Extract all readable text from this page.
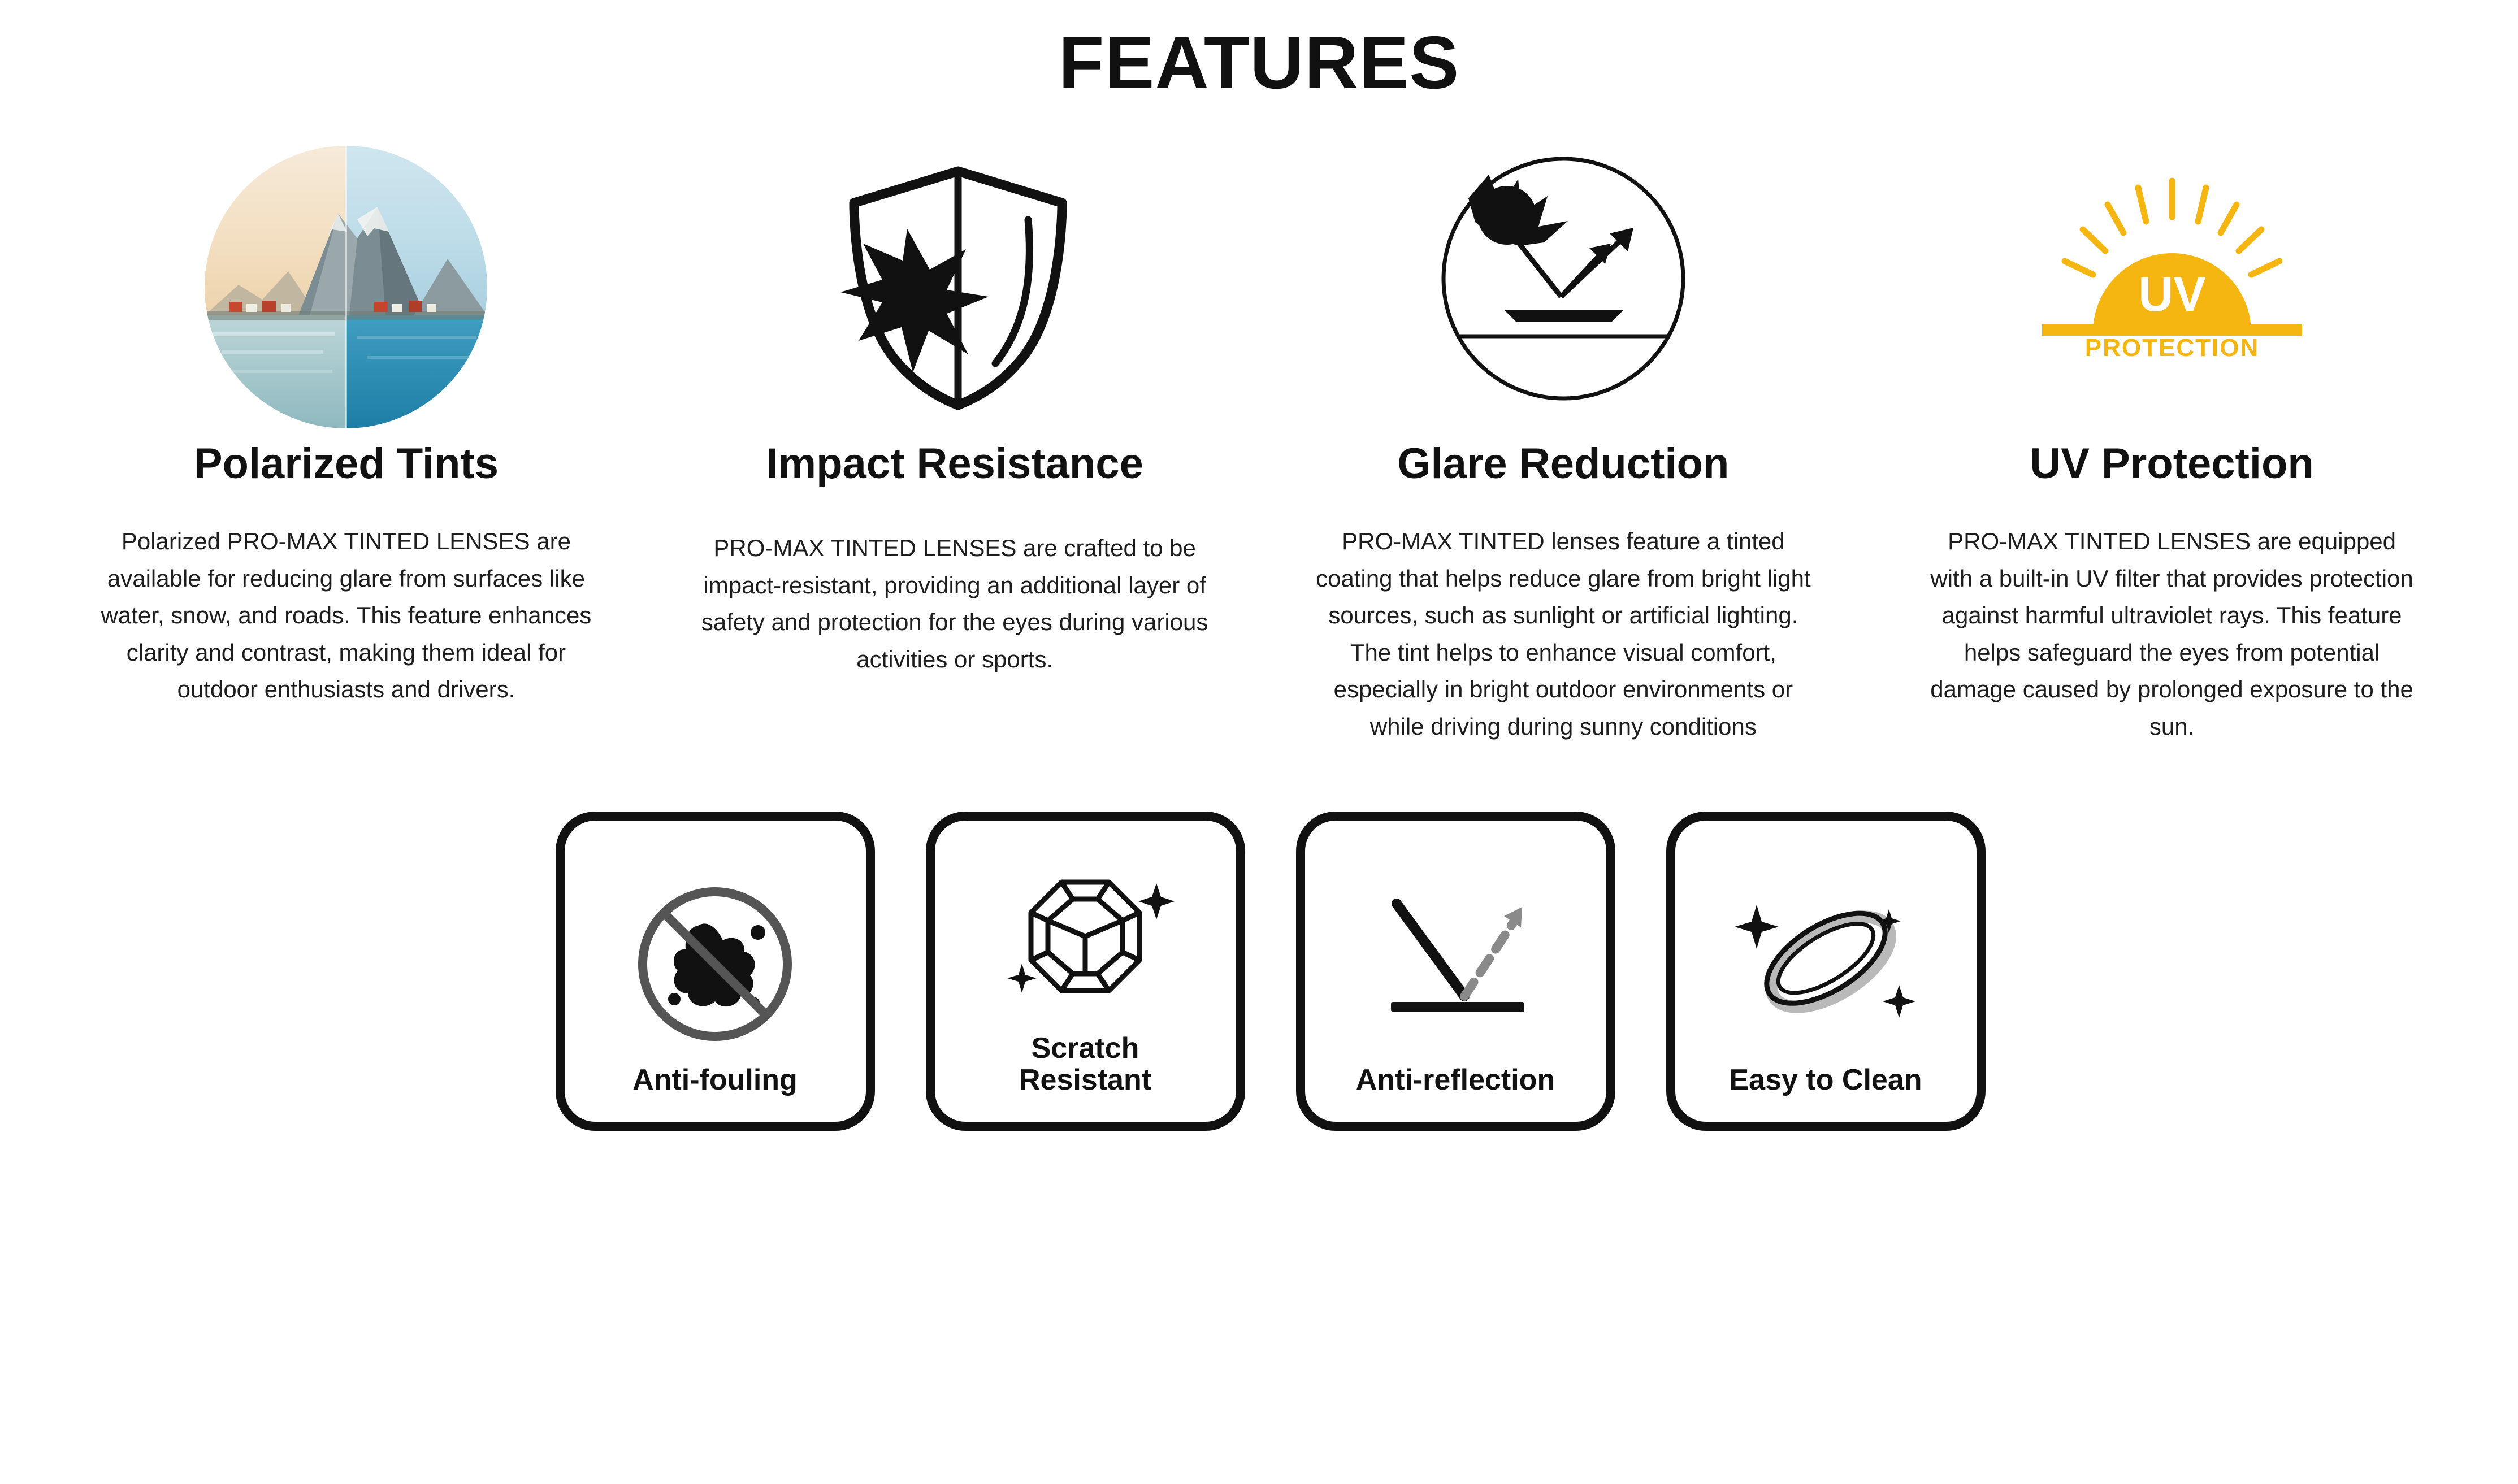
FEATURES
Polarized Tints

Polarized PRO-MAX TINTED LENSES are available for reducing glare from surfaces like water, snow, and roads. This feature enhances clarity and contrast, making them ideal for outdoor enthusiasts and drivers.

Impact Resistance

PRO-MAX TINTED LENSES are crafted to be impact-resistant, providing an additional layer of safety and protection for the eyes during various activities or sports.

Glare Reduction

PRO-MAX TINTED lenses feature a tinted coating that helps reduce glare from bright light sources, such as sunlight or artificial lighting. The tint helps to enhance visual comfort, especially in bright outdoor environments or while driving during sunny conditions

UV
PROTECTION
UV Protection

PRO-MAX TINTED LENSES are equipped with a built-in UV filter that provides protection against harmful ultraviolet rays. This feature helps safeguard the eyes from potential damage caused by prolonged exposure to the sun.

Anti-fouling
Scratch
Resistant	Anti-reflection	Easy to Clean
